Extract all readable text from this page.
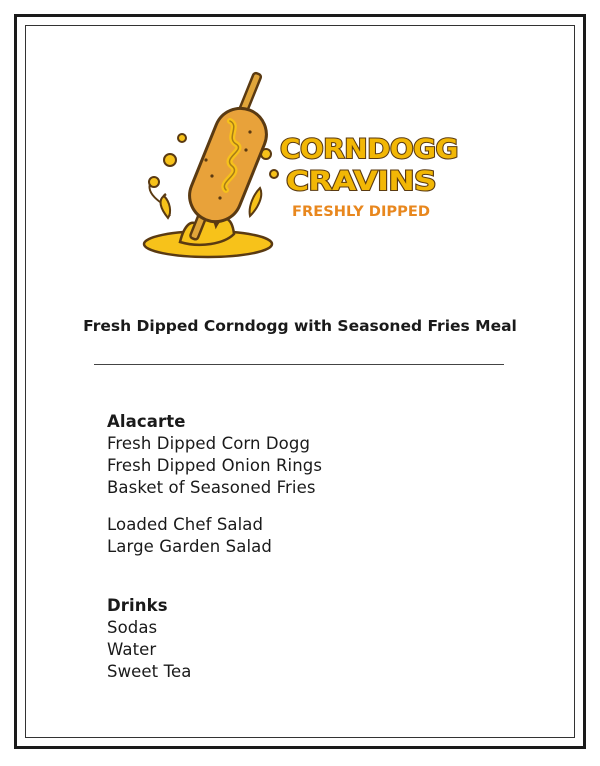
CORNDOGG
CRAVINS
FRESHLY DIPPED
Fresh Dipped Corndogg with Seasoned Fries Meal
Alacarte
Fresh Dipped Corn Dogg
Fresh Dipped Onion Rings
Basket of Seasoned Fries
Loaded Chef Salad
Large Garden Salad
Drinks
Sodas
Water
Sweet Tea
